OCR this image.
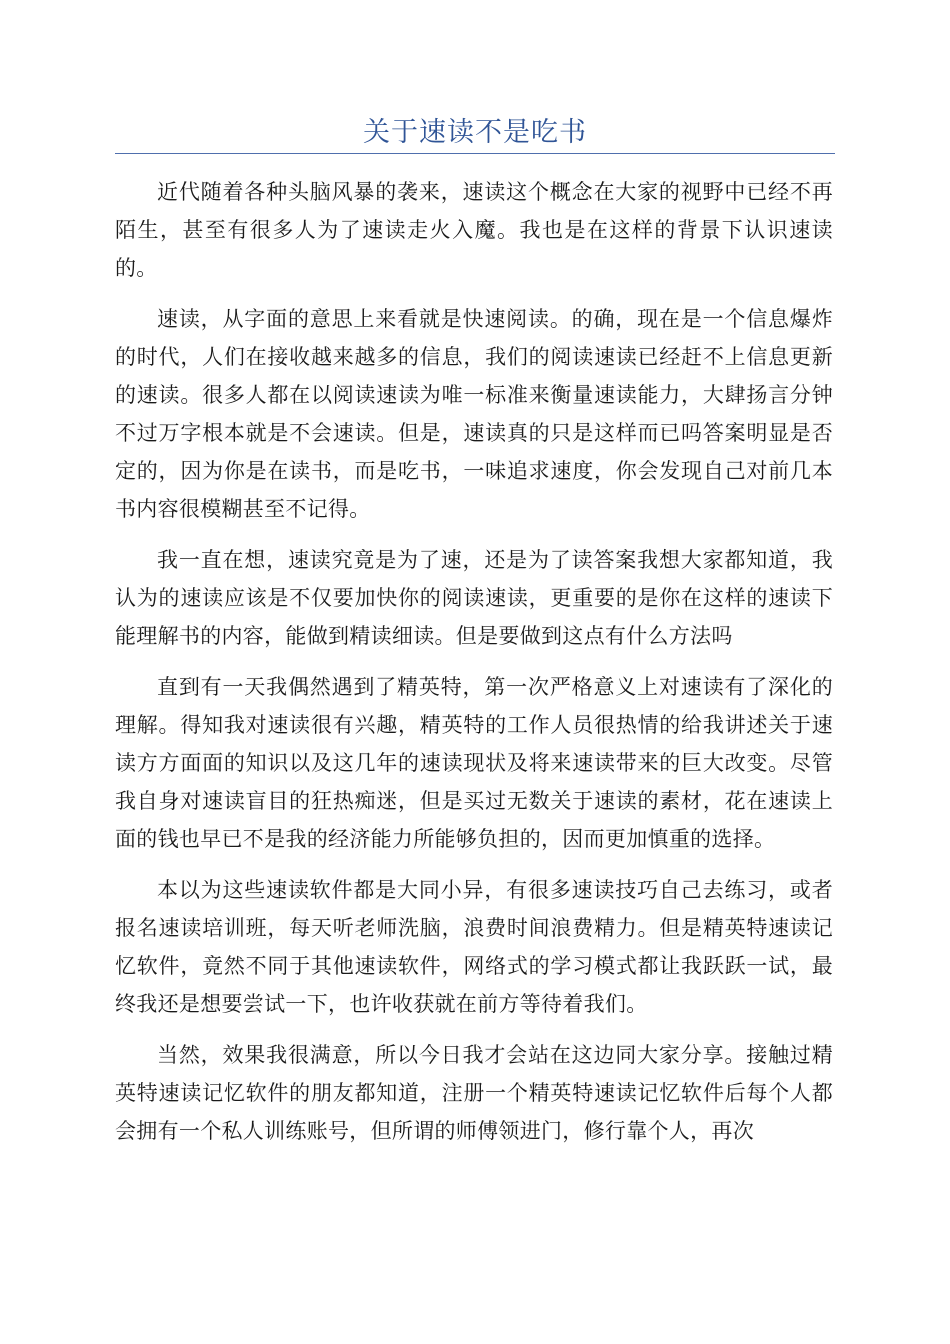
关于速读不是吃书

近代随着各种头脑风暴的袭来，速读这个概念在大家的视野中已经不再陌生，甚至有很多人为了速读走火入魔。我也是在这样的背景下认识速读的。

速读，从字面的意思上来看就是快速阅读。的确，现在是一个信息爆炸的时代，人们在接收越来越多的信息，我们的阅读速读已经赶不上信息更新的速读。很多人都在以阅读速读为唯一标准来衡量速读能力，大肆扬言分钟不过万字根本就是不会速读。但是，速读真的只是这样而已吗答案明显是否定的，因为你是在读书，而是吃书，一味追求速度，你会发现自己对前几本书内容很模糊甚至不记得。

我一直在想，速读究竟是为了速，还是为了读答案我想大家都知道，我认为的速读应该是不仅要加快你的阅读速读，更重要的是你在这样的速读下能理解书的内容，能做到精读细读。但是要做到这点有什么方法吗

直到有一天我偶然遇到了精英特，第一次严格意义上对速读有了深化的理解。得知我对速读很有兴趣，精英特的工作人员很热情的给我讲述关于速读方方面面的知识以及这几年的速读现状及将来速读带来的巨大改变。尽管我自身对速读盲目的狂热痴迷，但是买过无数关于速读的素材，花在速读上面的钱也早已不是我的经济能力所能够负担的，因而更加慎重的选择。

本以为这些速读软件都是大同小异，有很多速读技巧自己去练习，或者报名速读培训班，每天听老师洗脑，浪费时间浪费精力。但是精英特速读记忆软件，竟然不同于其他速读软件，网络式的学习模式都让我跃跃一试，最终我还是想要尝试一下，也许收获就在前方等待着我们。

当然，效果我很满意，所以今日我才会站在这边同大家分享。接触过精英特速读记忆软件的朋友都知道，注册一个精英特速读记忆软件后每个人都会拥有一个私人训练账号，但所谓的师傅领进门，修行靠个人，再次
